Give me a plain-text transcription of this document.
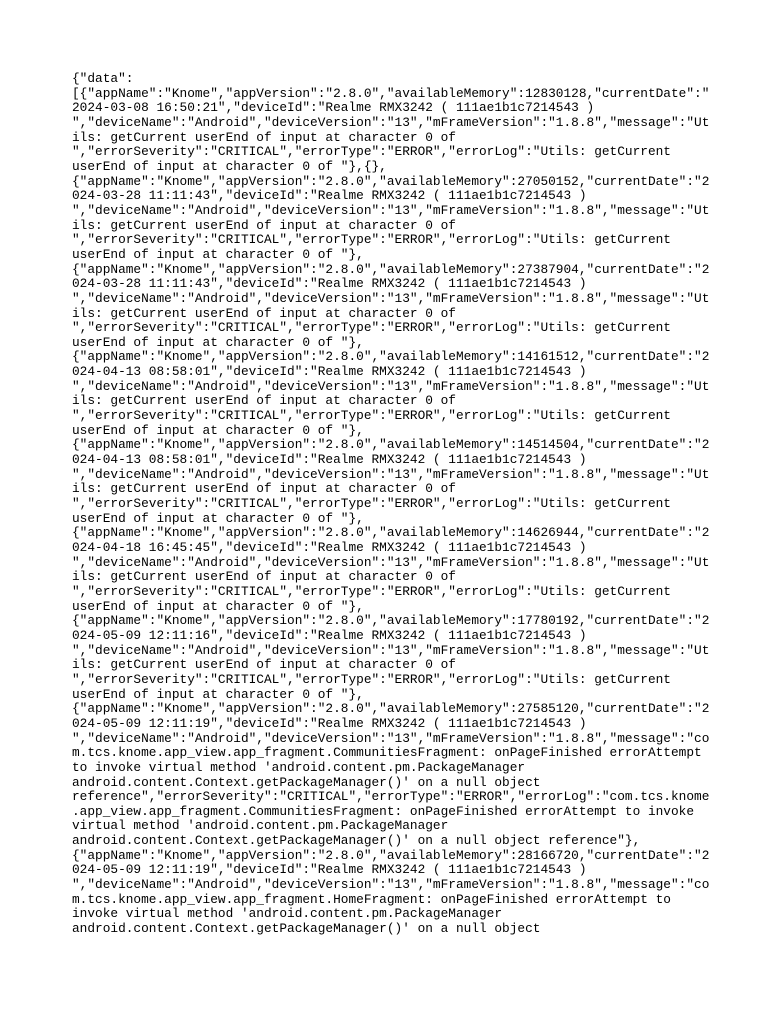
{"data":
[{"appName":"Knome","appVersion":"2.8.0","availableMemory":12830128,"currentDate":"
2024-03-08 16:50:21","deviceId":"Realme RMX3242 ( 111ae1b1c7214543 )
","deviceName":"Android","deviceVersion":"13","mFrameVersion":"1.8.8","message":"Ut
ils: getCurrent userEnd of input at character 0 of
","errorSeverity":"CRITICAL","errorType":"ERROR","errorLog":"Utils: getCurrent
userEnd of input at character 0 of "},{},
{"appName":"Knome","appVersion":"2.8.0","availableMemory":27050152,"currentDate":"2
024-03-28 11:11:43","deviceId":"Realme RMX3242 ( 111ae1b1c7214543 )
","deviceName":"Android","deviceVersion":"13","mFrameVersion":"1.8.8","message":"Ut
ils: getCurrent userEnd of input at character 0 of
","errorSeverity":"CRITICAL","errorType":"ERROR","errorLog":"Utils: getCurrent
userEnd of input at character 0 of "},
{"appName":"Knome","appVersion":"2.8.0","availableMemory":27387904,"currentDate":"2
024-03-28 11:11:43","deviceId":"Realme RMX3242 ( 111ae1b1c7214543 )
","deviceName":"Android","deviceVersion":"13","mFrameVersion":"1.8.8","message":"Ut
ils: getCurrent userEnd of input at character 0 of
","errorSeverity":"CRITICAL","errorType":"ERROR","errorLog":"Utils: getCurrent
userEnd of input at character 0 of "},
{"appName":"Knome","appVersion":"2.8.0","availableMemory":14161512,"currentDate":"2
024-04-13 08:58:01","deviceId":"Realme RMX3242 ( 111ae1b1c7214543 )
","deviceName":"Android","deviceVersion":"13","mFrameVersion":"1.8.8","message":"Ut
ils: getCurrent userEnd of input at character 0 of
","errorSeverity":"CRITICAL","errorType":"ERROR","errorLog":"Utils: getCurrent
userEnd of input at character 0 of "},
{"appName":"Knome","appVersion":"2.8.0","availableMemory":14514504,"currentDate":"2
024-04-13 08:58:01","deviceId":"Realme RMX3242 ( 111ae1b1c7214543 )
","deviceName":"Android","deviceVersion":"13","mFrameVersion":"1.8.8","message":"Ut
ils: getCurrent userEnd of input at character 0 of
","errorSeverity":"CRITICAL","errorType":"ERROR","errorLog":"Utils: getCurrent
userEnd of input at character 0 of "},
{"appName":"Knome","appVersion":"2.8.0","availableMemory":14626944,"currentDate":"2
024-04-18 16:45:45","deviceId":"Realme RMX3242 ( 111ae1b1c7214543 )
","deviceName":"Android","deviceVersion":"13","mFrameVersion":"1.8.8","message":"Ut
ils: getCurrent userEnd of input at character 0 of
","errorSeverity":"CRITICAL","errorType":"ERROR","errorLog":"Utils: getCurrent
userEnd of input at character 0 of "},
{"appName":"Knome","appVersion":"2.8.0","availableMemory":17780192,"currentDate":"2
024-05-09 12:11:16","deviceId":"Realme RMX3242 ( 111ae1b1c7214543 )
","deviceName":"Android","deviceVersion":"13","mFrameVersion":"1.8.8","message":"Ut
ils: getCurrent userEnd of input at character 0 of
","errorSeverity":"CRITICAL","errorType":"ERROR","errorLog":"Utils: getCurrent
userEnd of input at character 0 of "},
{"appName":"Knome","appVersion":"2.8.0","availableMemory":27585120,"currentDate":"2
024-05-09 12:11:19","deviceId":"Realme RMX3242 ( 111ae1b1c7214543 )
","deviceName":"Android","deviceVersion":"13","mFrameVersion":"1.8.8","message":"co
m.tcs.knome.app_view.app_fragment.CommunitiesFragment: onPageFinished errorAttempt
to invoke virtual method 'android.content.pm.PackageManager
android.content.Context.getPackageManager()' on a null object
reference","errorSeverity":"CRITICAL","errorType":"ERROR","errorLog":"com.tcs.knome
.app_view.app_fragment.CommunitiesFragment: onPageFinished errorAttempt to invoke
virtual method 'android.content.pm.PackageManager
android.content.Context.getPackageManager()' on a null object reference"},
{"appName":"Knome","appVersion":"2.8.0","availableMemory":28166720,"currentDate":"2
024-05-09 12:11:19","deviceId":"Realme RMX3242 ( 111ae1b1c7214543 )
","deviceName":"Android","deviceVersion":"13","mFrameVersion":"1.8.8","message":"co
m.tcs.knome.app_view.app_fragment.HomeFragment: onPageFinished errorAttempt to
invoke virtual method 'android.content.pm.PackageManager
android.content.Context.getPackageManager()' on a null object
